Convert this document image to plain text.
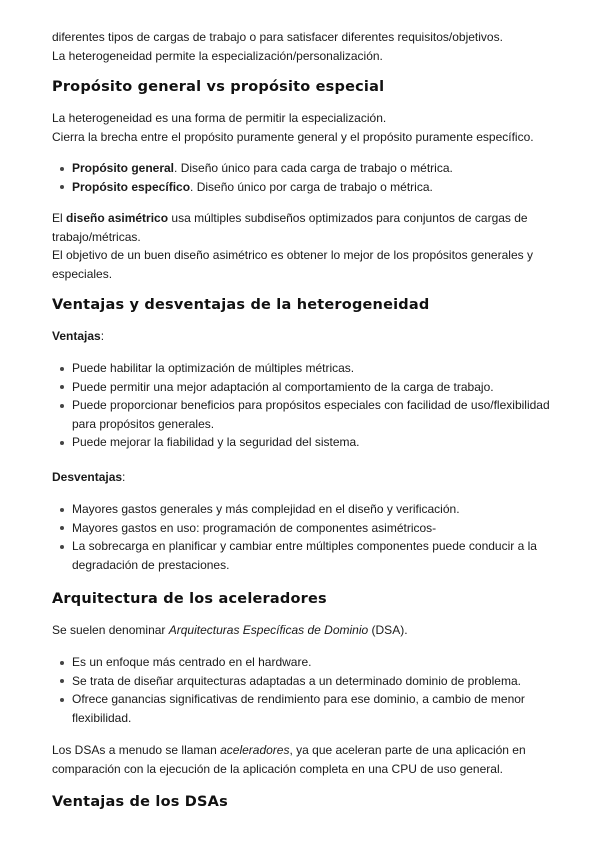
diferentes tipos de cargas de trabajo o para satisfacer diferentes requisitos/objetivos.

La heterogeneidad permite la especialización/personalización.

Propósito general vs propósito especial

La heterogeneidad es una forma de permitir la especialización.

Cierra la brecha entre el propósito puramente general y el propósito puramente específico.

Propósito general. Diseño único para cada carga de trabajo o métrica.
Propósito específico. Diseño único por carga de trabajo o métrica.

El diseño asimétrico usa múltiples subdiseños optimizados para conjuntos de cargas de trabajo/métricas.

El objetivo de un buen diseño asimétrico es obtener lo mejor de los propósitos generales y especiales.

Ventajas y desventajas de la heterogeneidad

Ventajas:

Puede habilitar la optimización de múltiples métricas.
Puede permitir una mejor adaptación al comportamiento de la carga de trabajo.
Puede proporcionar beneficios para propósitos especiales con facilidad de uso/flexibilidad para propósitos generales.
Puede mejorar la fiabilidad y la seguridad del sistema.

Desventajas:

Mayores gastos generales y más complejidad en el diseño y verificación.
Mayores gastos en uso: programación de componentes asimétricos-
La sobrecarga en planificar y cambiar entre múltiples componentes puede conducir a la degradación de prestaciones.
Arquitectura de los aceleradores

Se suelen denominar Arquitecturas Específicas de Dominio (DSA).

Es un enfoque más centrado en el hardware.
Se trata de diseñar arquitecturas adaptadas a un determinado dominio de problema.
Ofrece ganancias significativas de rendimiento para ese dominio, a cambio de menor flexibilidad.

Los DSAs a menudo se llaman aceleradores, ya que aceleran parte de una aplicación en comparación con la ejecución de la aplicación completa en una CPU de uso general.

Ventajas de los DSAs
